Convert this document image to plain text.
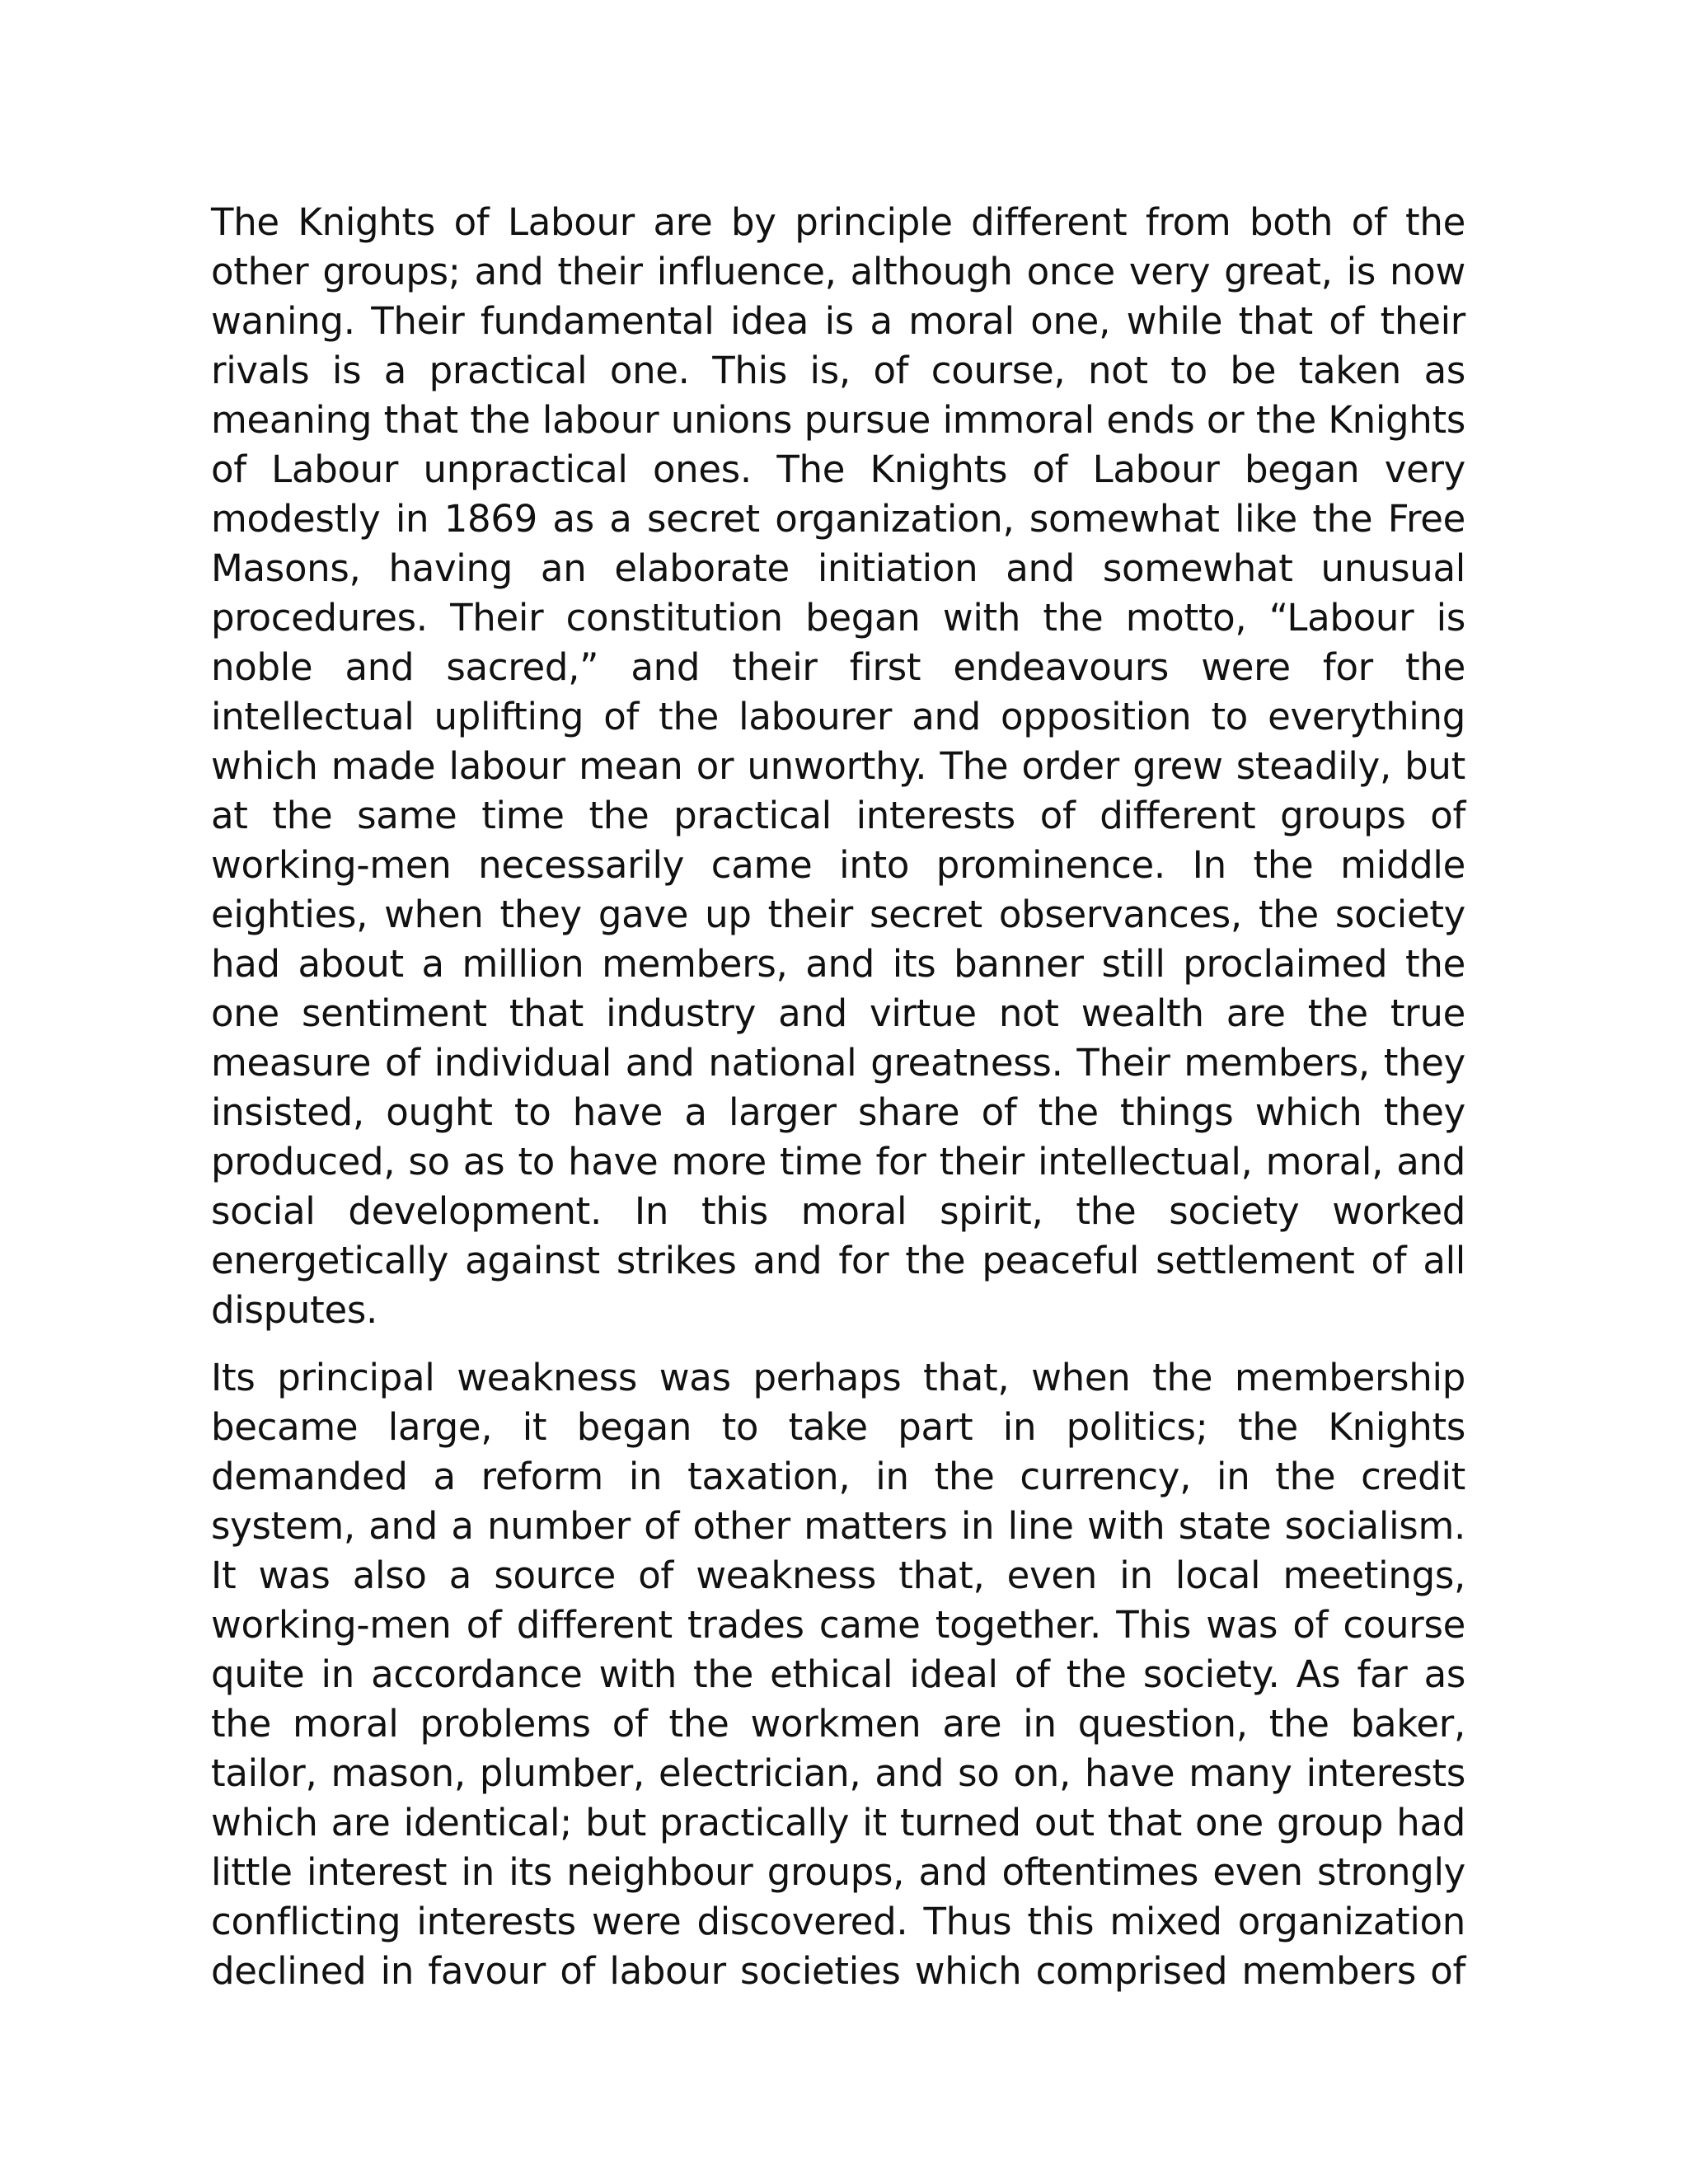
The Knights of Labour are by principle different from both of the other groups; and their influence, although once very great, is now waning. Their fundamental idea is a moral one, while that of their rivals is a practical one. This is, of course, not to be taken as meaning that the labour unions pursue immoral ends or the Knights of Labour unpractical ones. The Knights of Labour began very modestly in 1869 as a secret organization, somewhat like the Free Masons, having an elaborate initiation and somewhat unusual procedures. Their constitution began with the motto, “Labour is noble and sacred,” and their first endeavours were for the intellectual uplifting of the labourer and opposition to everything which made labour mean or unworthy. The order grew steadily, but at the same time the practical interests of different groups of working-men necessarily came into prominence. In the middle eighties, when they gave up their secret observances, the society had about a million members, and its banner still proclaimed the one sentiment that industry and virtue not wealth are the true measure of individual and national greatness. Their members, they insisted, ought to have a larger share of the things which they produced, so as to have more time for their intellectual, moral, and social development. In this moral spirit, the society worked energetically against strikes and for the peaceful settlement of all disputes.

Its principal weakness was perhaps that, when the membership became large, it began to take part in politics; the Knights demanded a reform in taxation, in the currency, in the credit system, and a number of other matters in line with state socialism. It was also a source of weakness that, even in local meetings, working-men of different trades came together. This was of course quite in accordance with the ethical ideal of the society. As far as the moral problems of the workmen are in question, the baker, tailor, mason, plumber, electrician, and so on, have many interests which are identical; but practically it turned out that one group had little interest in its neighbour groups, and oftentimes even strongly conflicting interests were discovered. Thus this mixed organization declined in favour of labour societies which comprised members of
